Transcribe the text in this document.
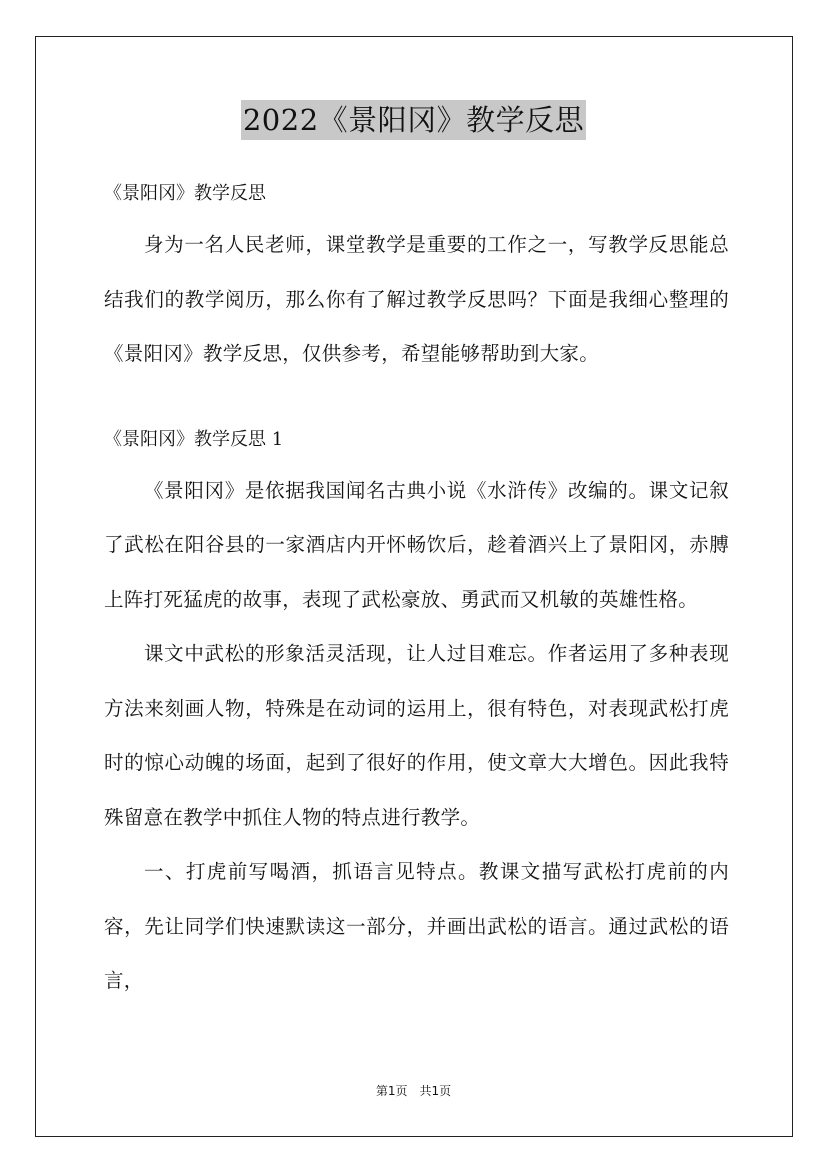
2022《景阳冈》教学反思

《景阳冈》教学反思

身为一名人民老师，课堂教学是重要的工作之一，写教学反思能总结我们的教学阅历，那么你有了解过教学反思吗？下面是我细心整理的《景阳冈》教学反思，仅供参考，希望能够帮助到大家。

《景阳冈》教学反思 1

《景阳冈》是依据我国闻名古典小说《水浒传》改编的。课文记叙了武松在阳谷县的一家酒店内开怀畅饮后，趁着酒兴上了景阳冈，赤膊上阵打死猛虎的故事，表现了武松豪放、勇武而又机敏的英雄性格。

课文中武松的形象活灵活现，让人过目难忘。作者运用了多种表现方法来刻画人物，特殊是在动词的运用上，很有特色，对表现武松打虎时的惊心动魄的场面，起到了很好的作用，使文章大大增色。因此我特殊留意在教学中抓住人物的特点进行教学。

一、打虎前写喝酒，抓语言见特点。教课文描写武松打虎前的内容，先让同学们快速默读这一部分，并画出武松的语言。通过武松的语言，

第1页　共1页
